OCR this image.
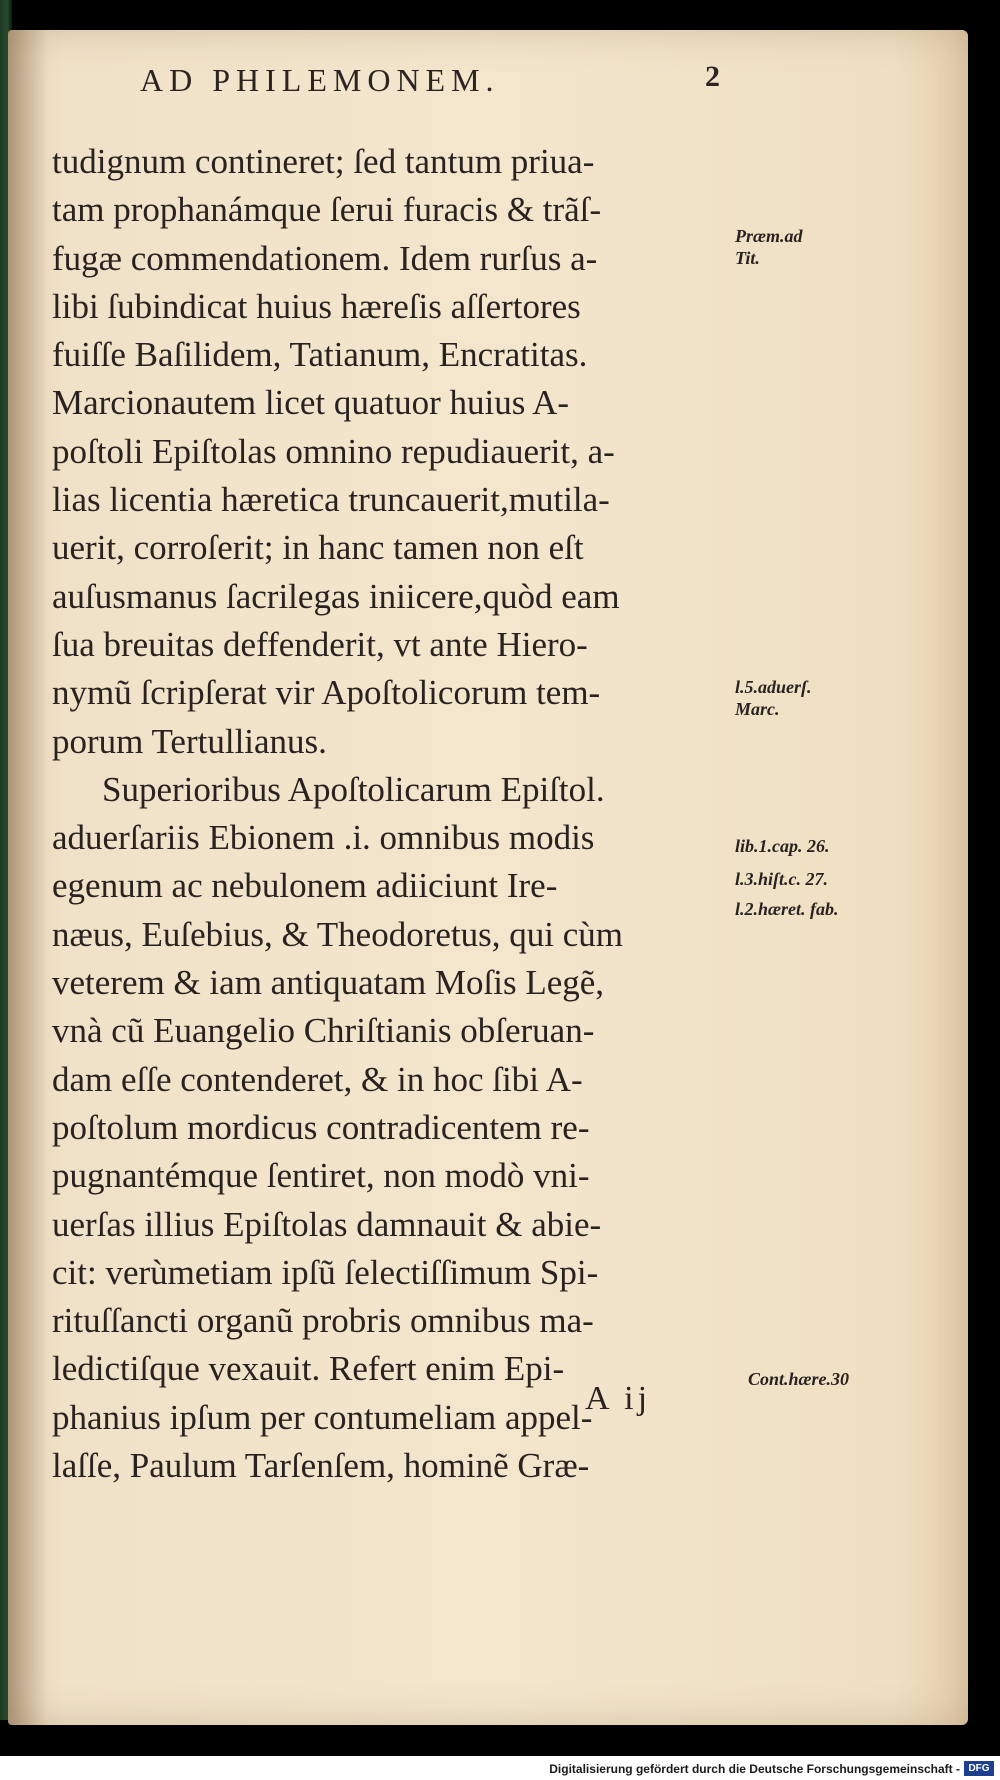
AD PHILEMONEM.	2
tudignum contineret; ſed tantum priua-
tam prophanámque ſerui furacis & trãſ-
fugæ commendationem. Idem rurſus a-
libi ſubindicat huius hæreſis aſſertores
fuiſſe Baſilidem, Tatianum, Encratitas.
Marcionautem licet quatuor huius A-
poſtoli Epiſtolas omnino repudiauerit, a-
lias licentia hæretica truncauerit,mutila-
uerit, corroſerit; in hanc tamen non eſt
auſusmanus ſacrilegas iniicere,quòd eam
ſua breuitas deffenderit, vt ante Hiero-
nymũ ſcripſerat vir Apoſtolicorum tem-
porum Tertullianus.
Superioribus Apoſtolicarum Epiſtol.
aduerſariis Ebionem .i. omnibus modis
egenum ac nebulonem adiiciunt Ire-
næus, Euſebius, & Theodoretus, qui cùm
veterem & iam antiquatam Moſis Legẽ,
vnà cũ Euangelio Chriſtianis obſeruan-
dam eſſe contenderet, & in hoc ſibi A-
poſtolum mordicus contradicentem re-
pugnantémque ſentiret, non modò vni-
uerſas illius Epiſtolas damnauit & abie-
cit: verùmetiam ipſũ ſelectiſſimum Spi-
rituſſancti organũ probris omnibus ma-
ledictiſque vexauit. Refert enim Epi-
phanius ipſum per contumeliam appel-
laſſe, Paulum Tarſenſem, hominẽ Græ-
Præm.ad
Tit.
l.5.aduerſ.
Marc.
lib.1.cap. 26.
l.3.hiſt.c. 27.
l.2.hæret. fab.
Cont.hære.30
A ij
Digitalisierung gefördert durch die Deutsche Forschungsgemeinschaft - DFG
